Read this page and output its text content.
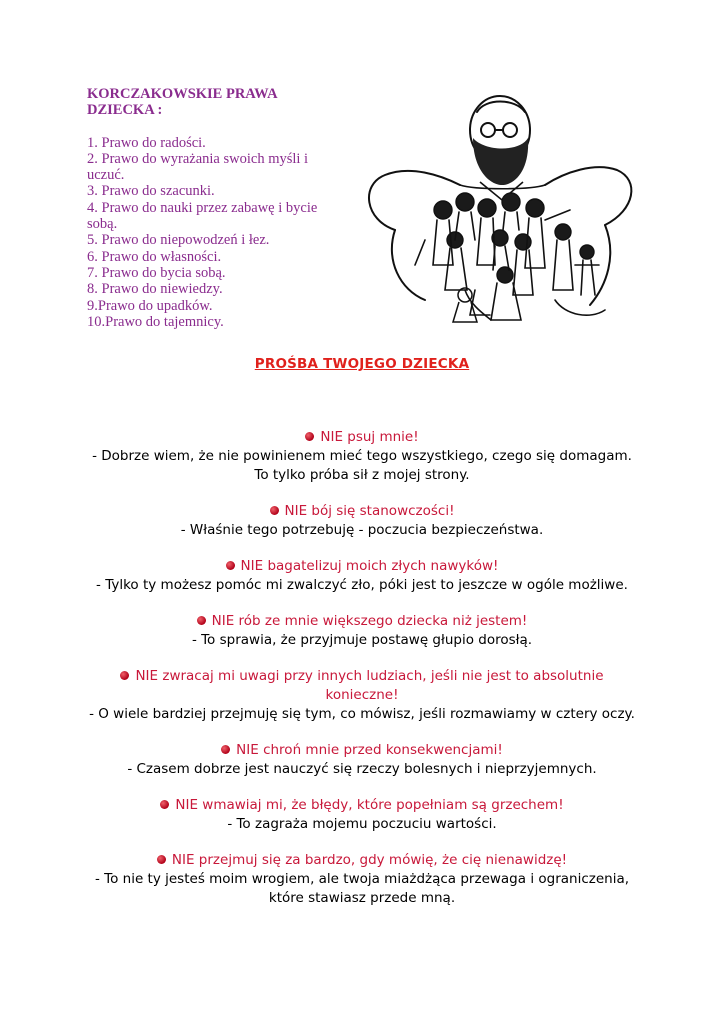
KORCZAKOWSKIE PRAWA
DZIECKA :
1. Prawo do radości.
2. Prawo do wyrażania swoich myśli i uczuć.
3. Prawo do szacunki.
4. Prawo do nauki przez zabawę i bycie sobą.
5. Prawo do niepowodzeń i łez.
6. Prawo do własności.
7. Prawo do bycia sobą.
8. Prawo do niewiedzy.
9.Prawo do upadków.
10.Prawo do tajemnicy.
PROŚBA TWOJEGO DZIECKA
NIE psuj mnie!
- Dobrze wiem, że nie powinienem mieć tego wszystkiego, czego się domagam.
To tylko próba sił z mojej strony.
NIE bój się stanowczości!
- Właśnie tego potrzebuję - poczucia bezpieczeństwa.
NIE bagatelizuj moich złych nawyków!
- Tylko ty możesz pomóc mi zwalczyć zło, póki jest to jeszcze w ogóle możliwe.
NIE rób ze mnie większego dziecka niż jestem!
- To sprawia, że przyjmuje postawę głupio dorosłą.
NIE zwracaj mi uwagi przy innych ludziach, jeśli nie jest to absolutnie
konieczne!
- O wiele bardziej przejmuję się tym, co mówisz, jeśli rozmawiamy w cztery oczy.
NIE chroń mnie przed konsekwencjami!
- Czasem dobrze jest nauczyć się rzeczy bolesnych i nieprzyjemnych.
NIE wmawiaj mi, że błędy, które popełniam są grzechem!
- To zagraża mojemu poczuciu wartości.
NIE przejmuj się za bardzo, gdy mówię, że cię nienawidzę!
- To nie ty jesteś moim wrogiem, ale twoja miażdżąca przewaga i ograniczenia,
które stawiasz przede mną.
